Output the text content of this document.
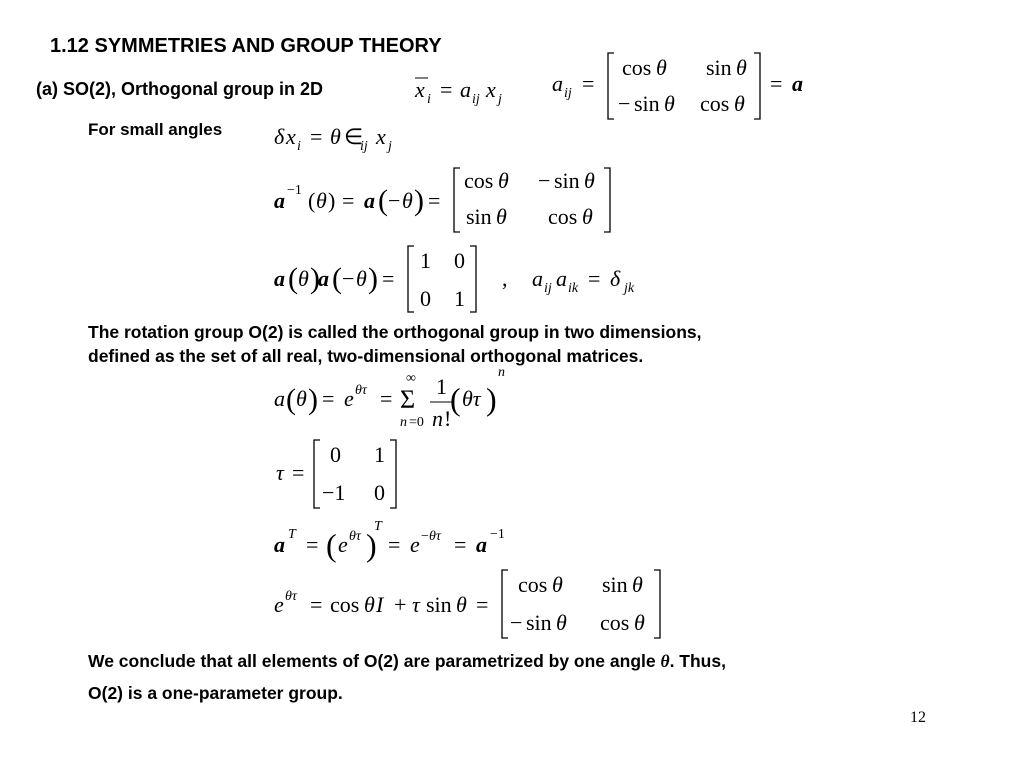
1.12 SYMMETRIES AND GROUP THEORY
(a) SO(2), Orthogonal group in 2D	x i = a ij x j
a ij =
cos θ sin θ
− sin θ cos θ
= a
For small angles δ x i = θ ∈
ij x j
a −1 ( θ ) = a ( − θ ) =
cos θ − sin θ
sin θ cos θ
a ( θ )
a ( − θ ) =
1 0
0 1
, a ij a ik = δ jk
The rotation group O(2) is called the orthogonal group in two dimensions,
defined as the set of all real, two-dimensional orthogonal matrices.
a ( θ ) = e θτ =
∞
Σ
n =0
1
n !
( θτ )
n
τ =
0 1
−1 0
a T = ( e θτ )
T
= e − θτ = a −1
e θτ = cos θ I + τ sin θ =
cos θ sin θ
− sin θ cos θ
We conclude that all elements of O(2) are parametrized by one angle θ. Thus,
O(2) is a one-parameter group.
12
